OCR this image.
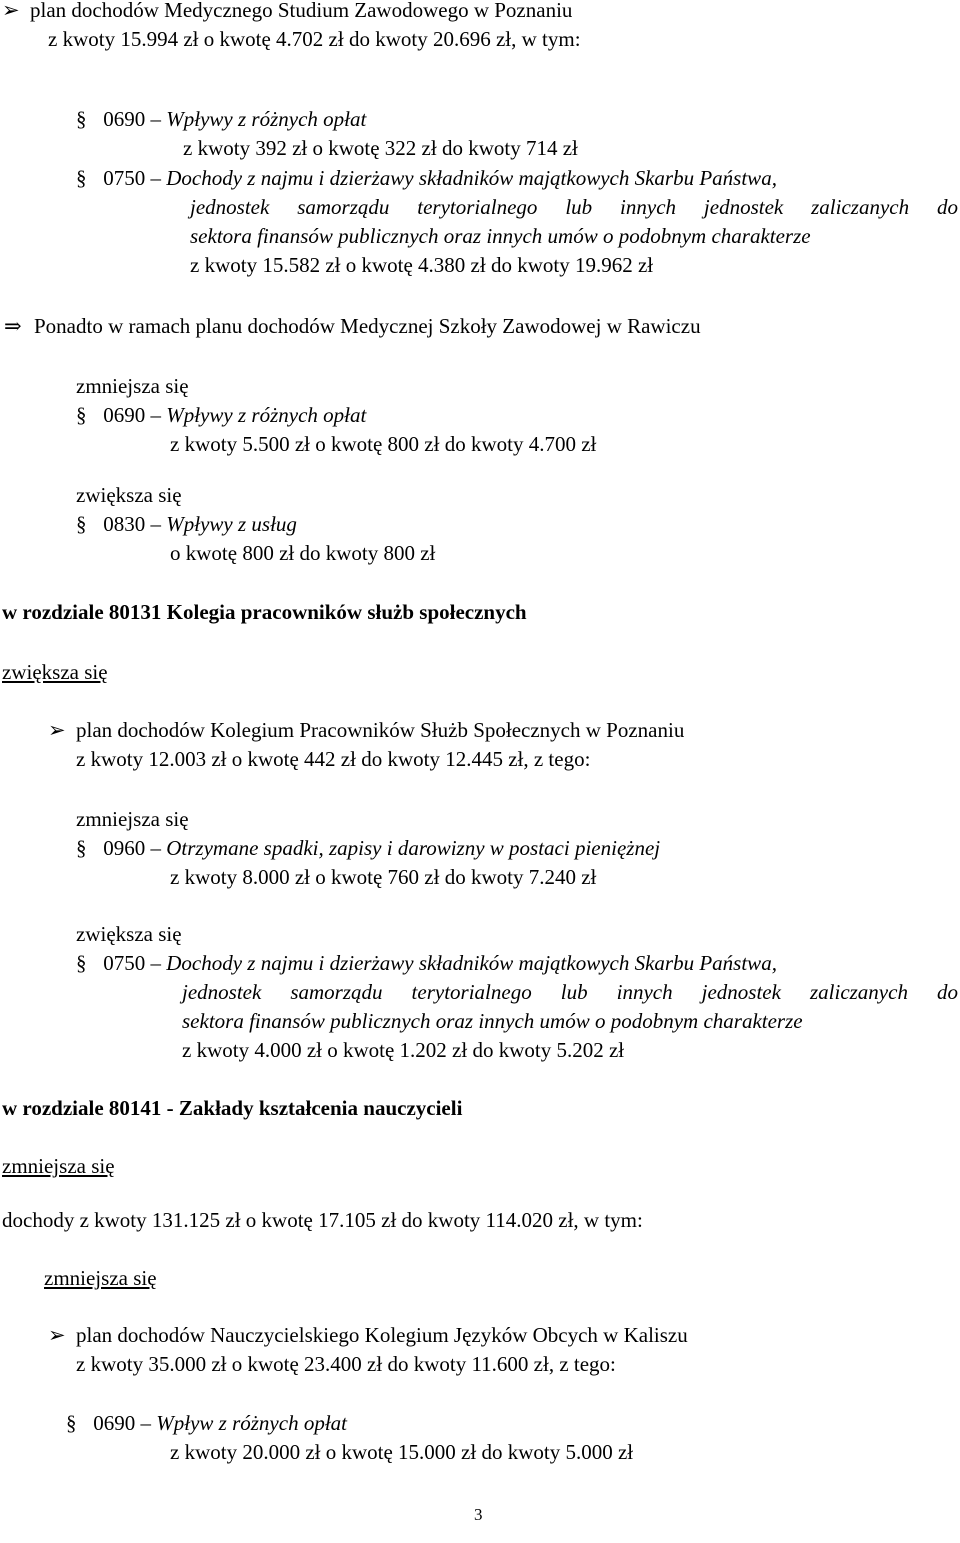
➢ plan dochodów Medycznego Studium Zawodowego w Poznaniu
z kwoty 15.994 zł o kwotę 4.702 zł do kwoty 20.696 zł, w tym:
§ 0690 – Wpływy z różnych opłat
z kwoty 392 zł o kwotę 322 zł do kwoty 714 zł
§ 0750 – Dochody z najmu i dzierżawy składników majątkowych Skarbu Państwa,
jednostek samorządu terytorialnego lub innych jednostek zaliczanych do
sektora finansów publicznych oraz innych umów o podobnym charakterze
z kwoty 15.582 zł o kwotę 4.380 zł do kwoty 19.962 zł
⇒ Ponadto w ramach planu dochodów Medycznej Szkoły Zawodowej w Rawiczu
zmniejsza się
§ 0690 – Wpływy z różnych opłat
z kwoty 5.500 zł o kwotę 800 zł do kwoty 4.700 zł
zwiększa się
§ 0830 – Wpływy z usług
o kwotę 800 zł do kwoty 800 zł
w rozdziale 80131 Kolegia pracowników służb społecznych
zwiększa się
➢ plan dochodów Kolegium Pracowników Służb Społecznych w Poznaniu
z kwoty 12.003 zł o kwotę 442 zł do kwoty 12.445 zł, z tego:
zmniejsza się
§ 0960 – Otrzymane spadki, zapisy i darowizny w postaci pieniężnej
z kwoty 8.000 zł o kwotę 760 zł do kwoty 7.240 zł
zwiększa się
§ 0750 – Dochody z najmu i dzierżawy składników majątkowych Skarbu Państwa,
jednostek samorządu terytorialnego lub innych jednostek zaliczanych do
sektora finansów publicznych oraz innych umów o podobnym charakterze
z kwoty 4.000 zł o kwotę 1.202 zł do kwoty 5.202 zł
w rozdziale 80141 - Zakłady kształcenia nauczycieli
zmniejsza się
dochody z kwoty 131.125 zł o kwotę 17.105 zł do kwoty 114.020 zł, w tym:
zmniejsza się
➢ plan dochodów Nauczycielskiego Kolegium Języków Obcych w Kaliszu
z kwoty 35.000 zł o kwotę 23.400 zł do kwoty 11.600 zł, z tego:
§ 0690 – Wpływ z różnych opłat
z kwoty 20.000 zł o kwotę 15.000 zł do kwoty 5.000 zł
3
